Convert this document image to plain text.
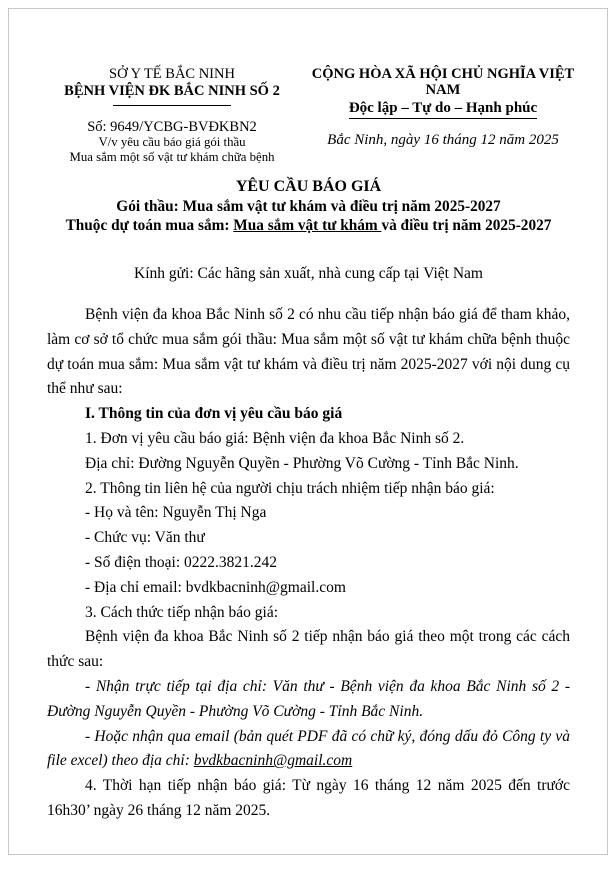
SỞ Y TẾ BẮC NINH
BỆNH VIỆN ĐK BẮC NINH SỐ 2
Số: 9649/YCBG-BVĐKBN2
V/v yêu cầu báo giá gói thầu
Mua sắm một số vật tư khám chữa bệnh
CỘNG HÒA XÃ HỘI CHỦ NGHĨA VIỆT NAM
Độc lập – Tự do – Hạnh phúc
Bắc Ninh, ngày 16 tháng 12 năm 2025
YÊU CẦU BÁO GIÁ
Gói thầu: Mua sắm vật tư khám và điều trị năm 2025-2027
Thuộc dự toán mua sắm: Mua sắm vật tư khám và điều trị năm 2025-2027
Kính gửi: Các hãng sản xuất, nhà cung cấp tại Việt Nam

Bệnh viện đa khoa Bắc Ninh số 2 có nhu cầu tiếp nhận báo giá để tham khảo, làm cơ sở tổ chức mua sắm gói thầu: Mua sắm một số vật tư khám chữa bệnh thuộc dự toán mua sắm: Mua sắm vật tư khám và điều trị năm 2025-2027 với nội dung cụ thể như sau:

I. Thông tin của đơn vị yêu cầu báo giá

1. Đơn vị yêu cầu báo giá: Bệnh viện đa khoa Bắc Ninh số 2.

Địa chỉ: Đường Nguyễn Quyền - Phường Võ Cường - Tỉnh Bắc Ninh.

2. Thông tin liên hệ của người chịu trách nhiệm tiếp nhận báo giá:

- Họ và tên: Nguyễn Thị Nga

- Chức vụ: Văn thư

- Số điện thoại: 0222.3821.242

- Địa chỉ email: bvdkbacninh@gmail.com

3. Cách thức tiếp nhận báo giá:

Bệnh viện đa khoa Bắc Ninh số 2 tiếp nhận báo giá theo một trong các cách thức sau:

- Nhận trực tiếp tại địa chỉ: Văn thư - Bệnh viện đa khoa Bắc Ninh số 2 - Đường Nguyễn Quyền - Phường Võ Cường - Tỉnh Bắc Ninh.

- Hoặc nhận qua email (bản quét PDF đã có chữ ký, đóng dấu đỏ Công ty và file excel) theo địa chỉ: bvdkbacninh@gmail.com

4. Thời hạn tiếp nhận báo giá: Từ ngày 16 tháng 12 năm 2025 đến trước 16h30’ ngày 26 tháng 12 năm 2025.
